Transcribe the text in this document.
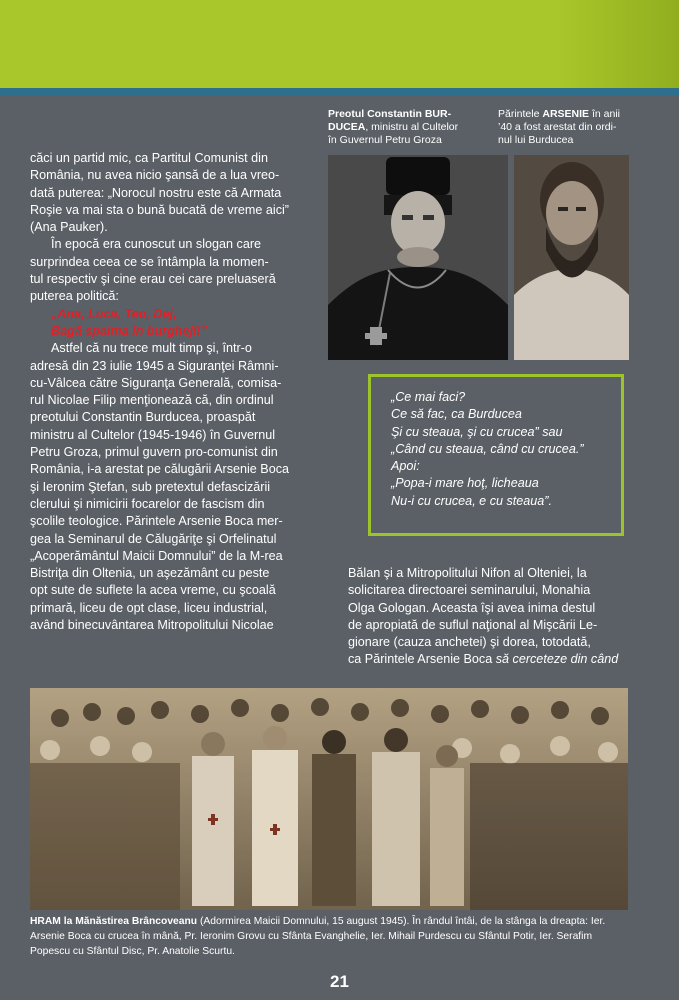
Preotul Constantin BUR-
DUCEA, ministru al Cultelor
în Guvernul Petru Groza
Părintele ARSENIE în anii
’40 a fost arestat din ordi-
nul lui Burducea

căci un partid mic, ca Partitul Comunist din

România, nu avea nicio şansă de a lua vreo-

dată puterea: „Norocul nostru este că Armata

Roşie va mai sta o bună bucată de vreme aici”

(Ana Pauker).

În epocă era cunoscut un slogan care

surprindea ceea ce se întâmpla la momen-

tul respectiv şi cine erau cei care preluaseră

puterea politică:

„Ana, Luca, Teo, Dej,

Bagă spaima în burgheji!”

Astfel că nu trece mult timp şi, într-o

adresă din 23 iulie 1945 a Siguranţei Râmni-

cu-Vâlcea către Siguranţa Generală, comisa-

rul Nicolae Filip menţionează că, din ordinul

preotului Constantin Burducea, proaspăt

ministru al Cultelor (1945-1946) în Guvernul

Petru Groza, primul guvern pro-comunist din

România, i-a arestat pe călugării Arsenie Boca

şi Ieronim Ştefan, sub pretextul defascizării

clerului şi nimicirii focarelor de fascism din

şcolile teologice. Părintele Arsenie Boca mer-

gea la Seminarul de Călugăriţe şi Orfelinatul

„Acoperământul Maicii Domnului” de la M-rea

Bistriţa din Oltenia, un aşezământ cu peste

opt sute de suflete la acea vreme, cu şcoală

primară, liceu de opt clase, liceu industrial,

având binecuvântarea Mitropolitului Nicolae

„Ce mai faci?
Ce să fac, ca Burducea
Şi cu steaua, şi cu crucea” sau
„Când cu steaua, când cu crucea.”
Apoi:
„Popa-i mare hoţ, licheaua
Nu-i cu crucea, e cu steaua”.

Bălan şi a Mitropolitului Nifon al Olteniei, la

solicitarea directoarei seminarului, Monahia

Olga Gologan. Aceasta îşi avea inima destul

de apropiată de suflul naţional al Mişcării Le-

gionare (cauza anchetei) şi dorea, totodată,

ca Părintele Arsenie Boca să cerceteze din când

HRAM la Mănăstirea Brâncoveanu (Adormirea Maicii Domnului, 15 august 1945). În rândul întâi, de la stânga la dreapta: Ier. Arsenie Boca cu crucea în mână, Pr. Ieronim Grovu cu Sfânta Evanghelie, Ier. Mihail Purdescu cu Sfântul Potir, Ier. Serafim Popescu cu Sfântul Disc, Pr. Anatolie Scurtu.
21
